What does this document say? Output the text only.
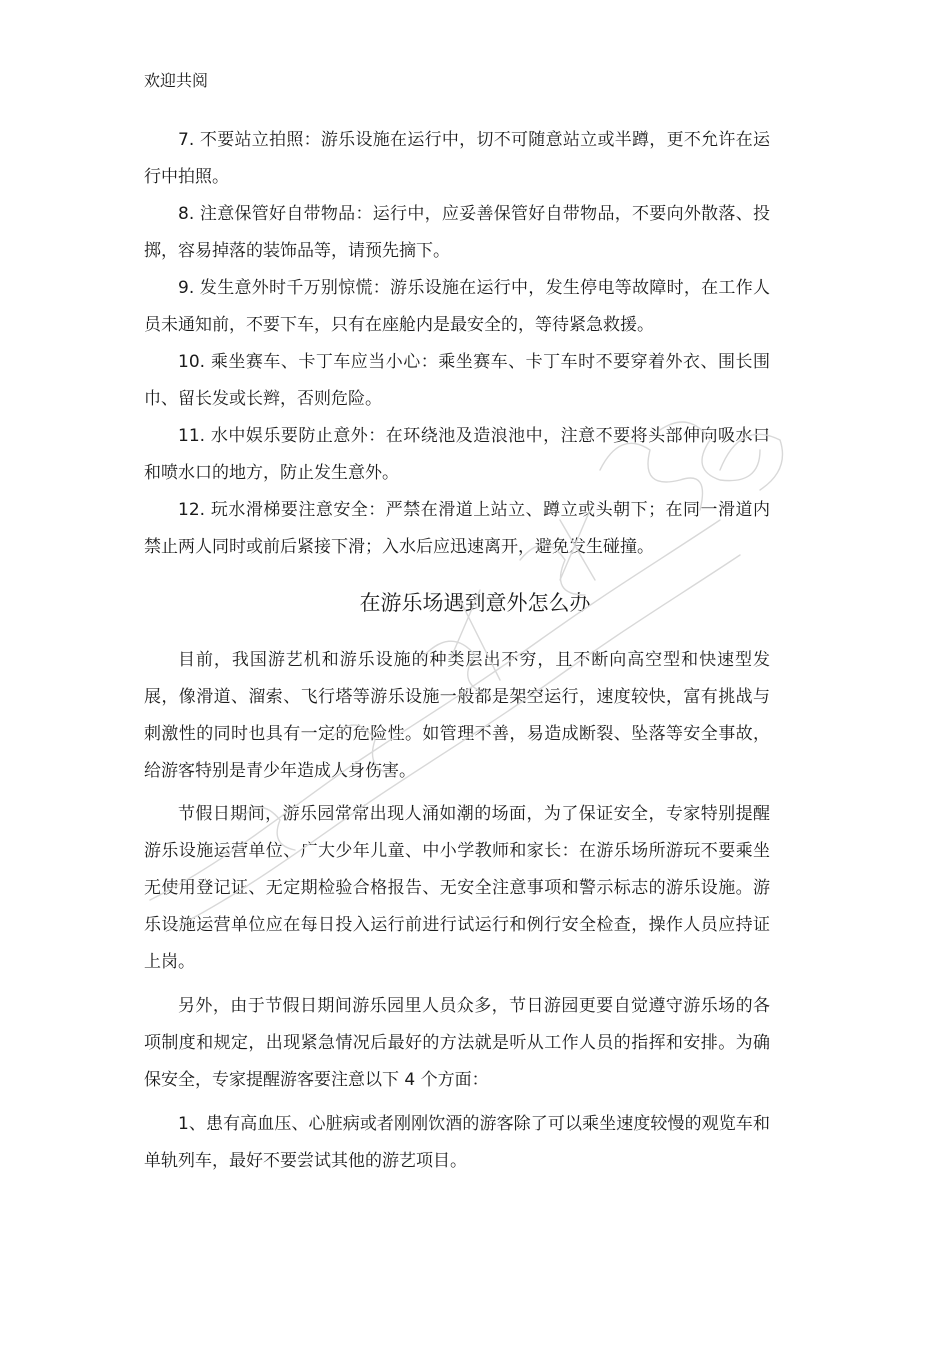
欢迎共阅

7. 不要站立拍照：游乐设施在运行中，切不可随意站立或半蹲，更不允许在运行中拍照。

8. 注意保管好自带物品：运行中，应妥善保管好自带物品，不要向外散落、投掷，容易掉落的装饰品等，请预先摘下。

9. 发生意外时千万别惊慌：游乐设施在运行中，发生停电等故障时，在工作人员未通知前，不要下车，只有在座舱内是最安全的，等待紧急救援。

10. 乘坐赛车、卡丁车应当小心：乘坐赛车、卡丁车时不要穿着外衣、围长围巾、留长发或长辫，否则危险。

11. 水中娱乐要防止意外：在环绕池及造浪池中，注意不要将头部伸向吸水口和喷水口的地方，防止发生意外。

12. 玩水滑梯要注意安全：严禁在滑道上站立、蹲立或头朝下；在同一滑道内禁止两人同时或前后紧接下滑；入水后应迅速离开，避免发生碰撞。

在游乐场遇到意外怎么办

目前，我国游艺机和游乐设施的种类层出不穷，且不断向高空型和快速型发展，像滑道、溜索、飞行塔等游乐设施一般都是架空运行，速度较快，富有挑战与刺激性的同时也具有一定的危险性。如管理不善，易造成断裂、坠落等安全事故，给游客特别是青少年造成人身伤害。

节假日期间，游乐园常常出现人涌如潮的场面，为了保证安全，专家特别提醒游乐设施运营单位、广大少年儿童、中小学教师和家长：在游乐场所游玩不要乘坐无使用登记证、无定期检验合格报告、无安全注意事项和警示标志的游乐设施。游乐设施运营单位应在每日投入运行前进行试运行和例行安全检查，操作人员应持证上岗。

另外，由于节假日期间游乐园里人员众多，节日游园更要自觉遵守游乐场的各项制度和规定，出现紧急情况后最好的方法就是听从工作人员的指挥和安排。为确保安全，专家提醒游客要注意以下 4 个方面：

1、患有高血压、心脏病或者刚刚饮酒的游客除了可以乘坐速度较慢的观览车和单轨列车，最好不要尝试其他的游艺项目。
